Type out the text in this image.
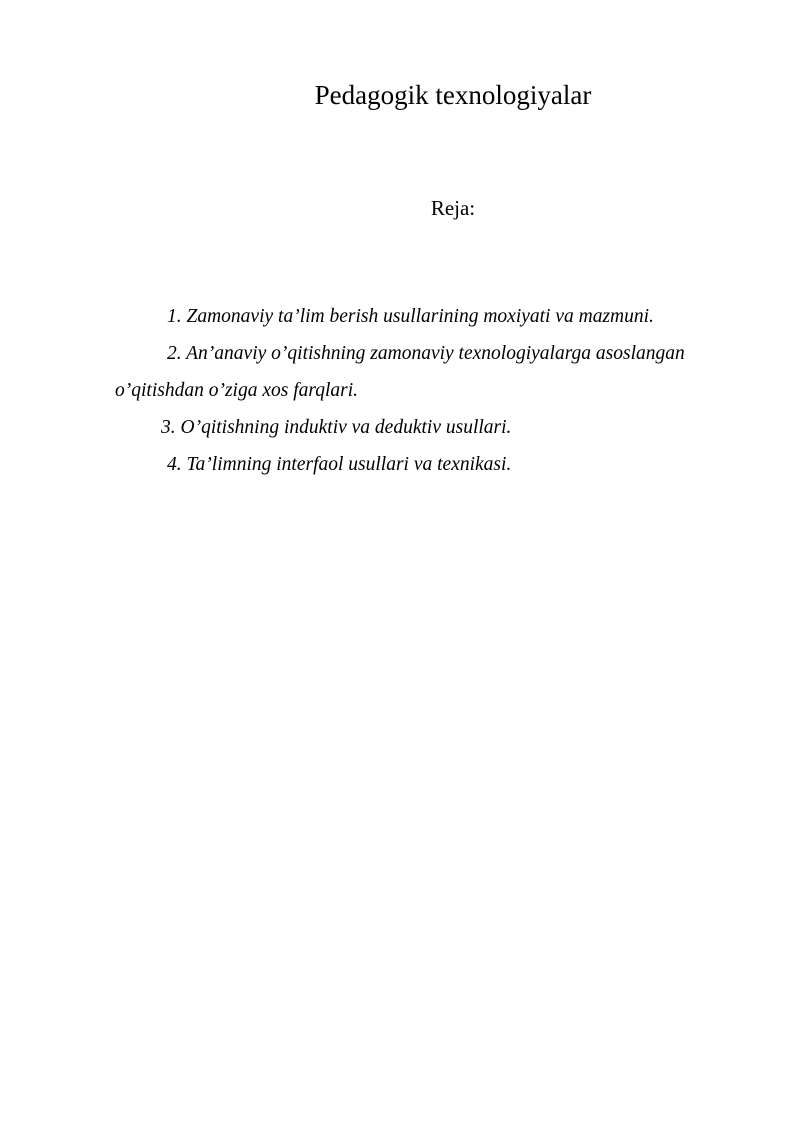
Pedagogik texnologiyalar
Reja:

1. Zamonaviy ta’lim berish usullarining moxiyati va mazmuni.

2. An’anaviy o’qitishning zamonaviy texnologiyalarga asoslangan o’qitishdan o’ziga xos farqlari.

3. O’qitishning induktiv va deduktiv usullari.

4. Ta’limning interfaol usullari va texnikasi.
